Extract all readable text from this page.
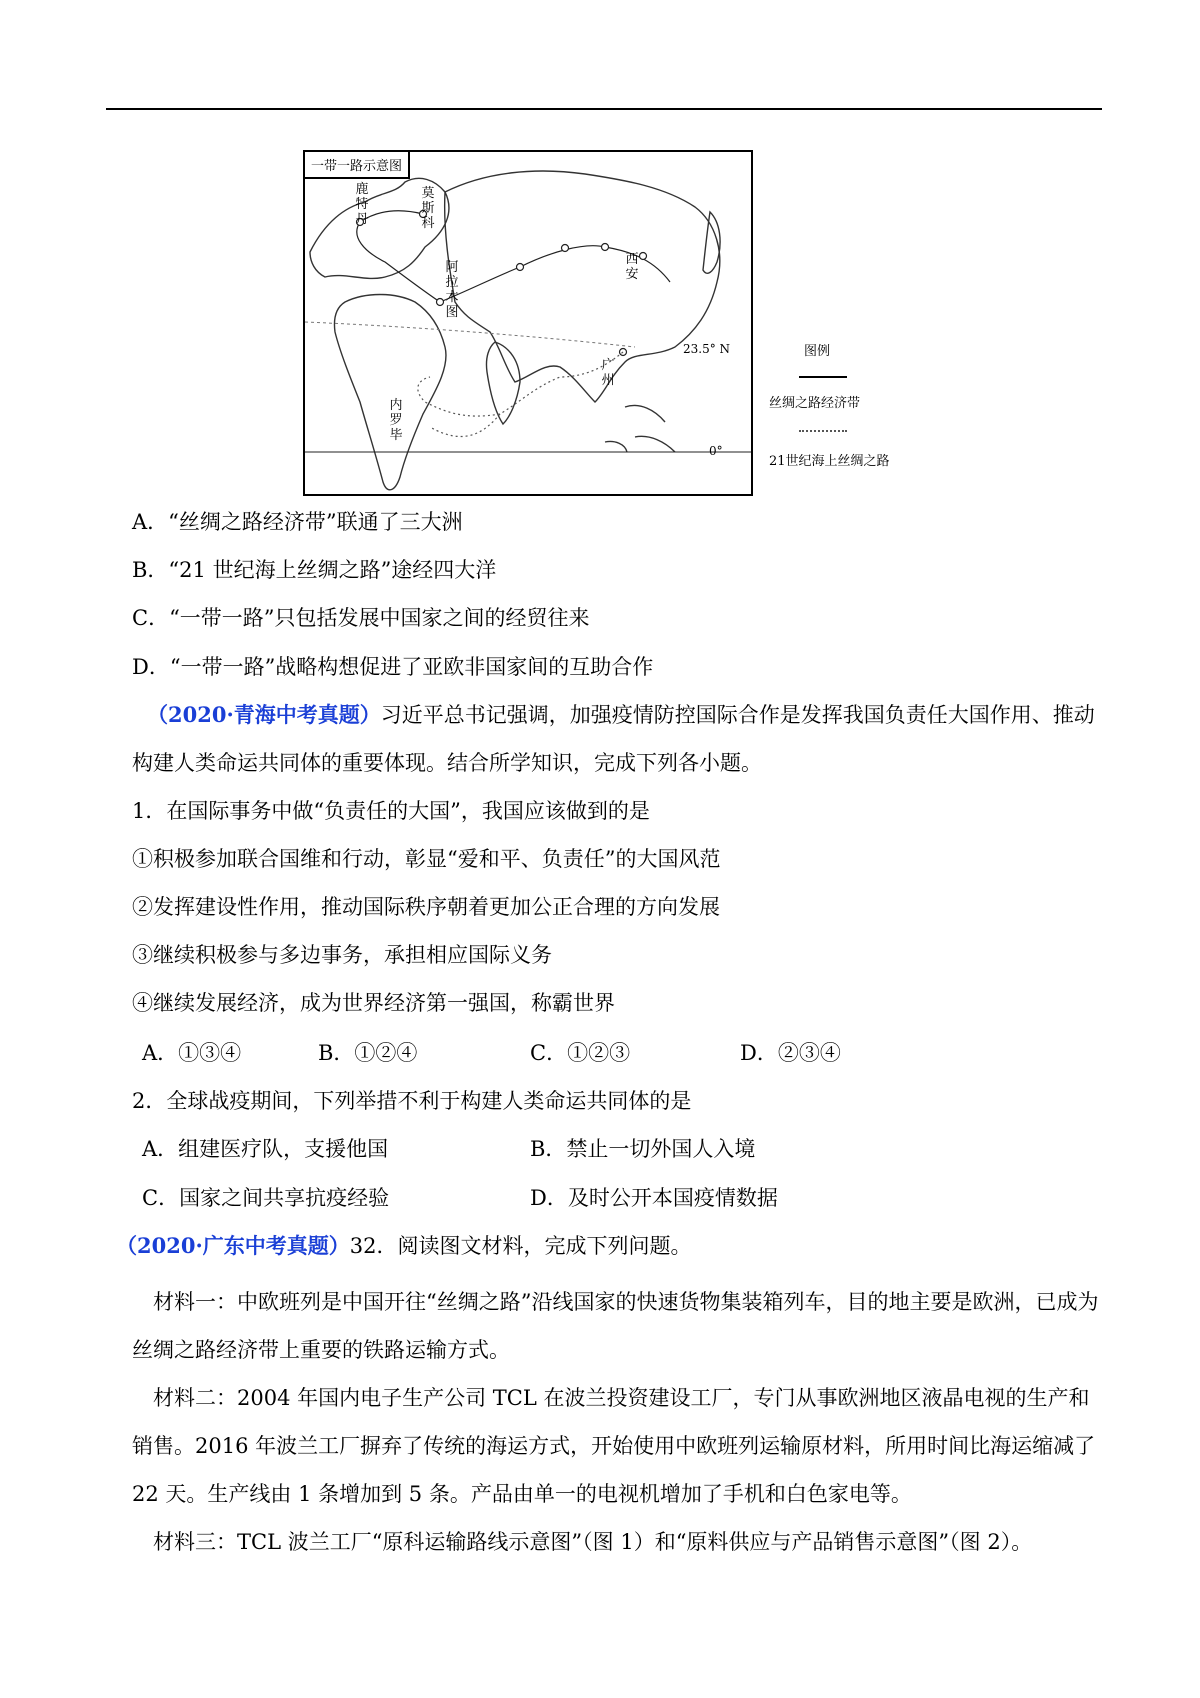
一带一路示意图
莫斯科
鹿特丹
西安
阿拉木图
广州
内罗毕
23.5° N
0°
图例
丝绸之路经济带
21世纪海上丝绸之路
A．“丝绸之路经济带”联通了三大洲
B．“21 世纪海上丝绸之路”途经四大洋
C．“一带一路”只包括发展中国家之间的经贸往来
D．“一带一路”战略构想促进了亚欧非国家间的互助合作
（2020·青海中考真题）习近平总书记强调，加强疫情防控国际合作是发挥我国负责任大国作用、推动
构建人类命运共同体的重要体现。结合所学知识，完成下列各小题。
1．在国际事务中做“负责任的大国”，我国应该做到的是
①积极参加联合国维和行动，彰显“爱和平、负责任”的大国风范
②发挥建设性作用，推动国际秩序朝着更加公正合理的方向发展
③继续积极参与多边事务，承担相应国际义务
④继续发展经济，成为世界经济第一强国，称霸世界
A．①③④	B．①②④	C．①②③	D．②③④
2．全球战疫期间，下列举措不利于构建人类命运共同体的是
A．组建医疗队，支援他国	B．禁止一切外国人入境
C．国家之间共享抗疫经验	D．及时公开本国疫情数据
（2020·广东中考真题）32．阅读图文材料，完成下列问题。
材料一：中欧班列是中国开往“丝绸之路”沿线国家的快速货物集装箱列车，目的地主要是欧洲，已成为丝绸之路经济带上重要的铁路运输方式。
材料二：2004 年国内电子生产公司 TCL 在波兰投资建设工厂，专门从事欧洲地区液晶电视的生产和销售。2016 年波兰工厂摒弃了传统的海运方式，开始使用中欧班列运输原材料，所用时间比海运缩减了 22 天。生产线由 1 条增加到 5 条。产品由单一的电视机增加了手机和白色家电等。
材料三：TCL 波兰工厂“原科运输路线示意图”（图 1）和“原料供应与产品销售示意图”（图 2）。
